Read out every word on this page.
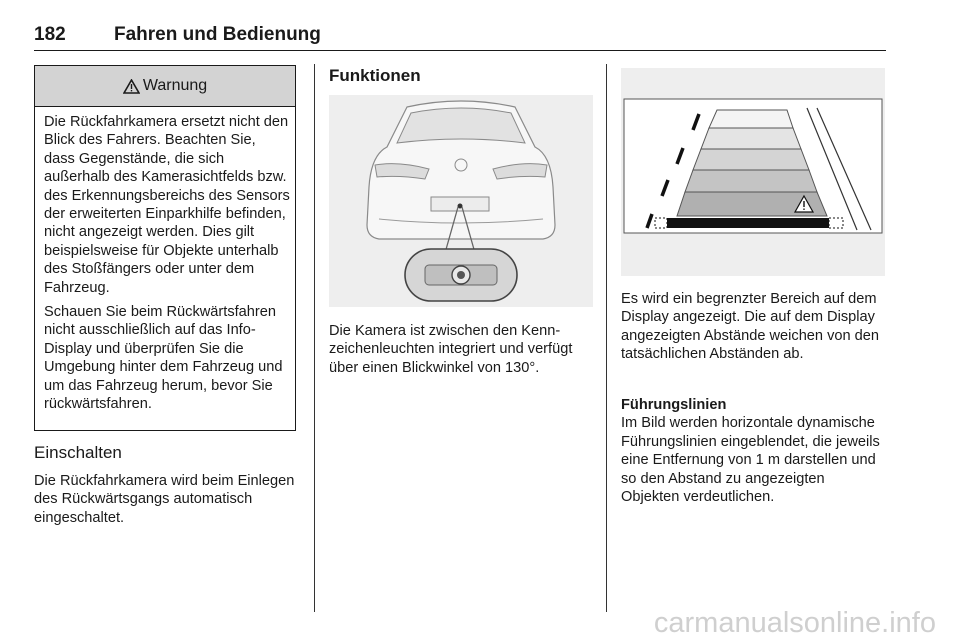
182	Fahren und Bedienung
Warnung

Die Rückfahrkamera ersetzt nicht den Blick des Fahrers. Beachten Sie, dass Gegenstände, die sich außerhalb des Kamerasichtfelds bzw. des Erkennungsbereichs des Sensors der erweiterten Einparkhilfe befinden, nicht angezeigt werden. Dies gilt beispielsweise für Objekte unterhalb des Stoßfängers oder unter dem Fahrzeug.

Schauen Sie beim Rückwärtsfahren nicht ausschließlich auf das Info-Display und überprüfen Sie die Umgebung hinter dem Fahrzeug und um das Fahrzeug herum, bevor Sie rückwärtsfahren.

Einschalten

Die Rückfahrkamera wird beim Einlegen des Rückwärtsgangs automatisch eingeschaltet.

Funktionen

Die Kamera ist zwischen den Kennzeichenleuchten integriert und verfügt über einen Blickwinkel von 130°.

Es wird ein begrenzter Bereich auf dem Display angezeigt. Die auf dem Display angezeigten Abstände weichen von den tatsächlichen Abständen ab.

Führungslinien

Im Bild werden horizontale dynamische Führungslinien eingeblendet, die jeweils eine Entfernung von 1 m darstellen und so den Abstand zu angezeigten Objekten verdeutlichen.

carmanualsonline.info
